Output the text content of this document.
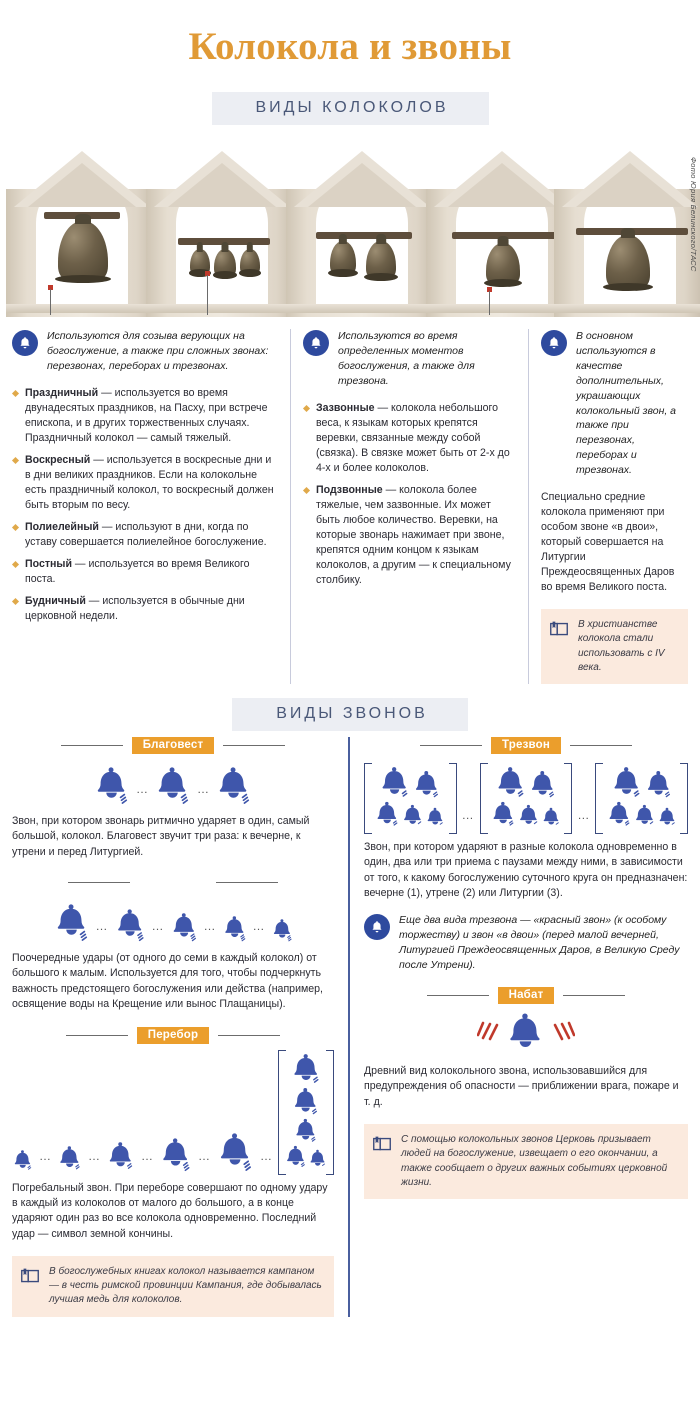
Колокола и звоны
ВИДЫ КОЛОКОЛОВ
Фото Юрия Белинского/ТАСС
Используются для созыва верующих на богослужение, а также при сложных звонах: перезвонах, переборах и трезвонах.
Праздничный — используется во время двунадесятых праздников, на Пасху, при встрече епископа, и в других торжественных случаях. Праздничный колокол — самый тяжелый.
Воскресный — используется в воскресные дни и в дни великих праздников. Если на колокольне есть праздничный колокол, то воскресный должен быть вторым по весу.
Полиелейный — используют в дни, когда по уставу совершается полиелейное богослужение.
Постный — используется во время Великого поста.
Будничный — используется в обычные дни церковной недели.
Используются во время определенных моментов богослужения, а также для трезвона.
Зазвонные — колокола небольшого веса, к языкам которых крепятся веревки, связанные между собой (связка). В связке может быть от 2-х до 4-х и более колоколов.
Подзвонные — колокола более тяжелые, чем зазвонные. Их может быть любое количество. Веревки, на которые звонарь нажимает при звоне, крепятся одним концом к языкам колоколов, а другим — к специальному столбику.
В основном используются в качестве дополнительных, украшающих колокольный звон, а также при перезвонах, переборах и трезвонах.
Специально средние колокола применяют при особом звоне «в двои», который совершается на Литургии Преждеосвященных Даров во время Великого поста.
В христианстве колокола стали использовать с IV века.
ВИДЫ ЗВОНОВ
Благовест
…	…
Звон, при котором звонарь ритмично ударяет в один, самый большой, колокол. Благовест звучит три раза: к вечерне, к утрени и перед Литургией.
…	…	…	…
Поочередные удары (от одного до семи в каждый колокол) от большого к малым. Используется для того, чтобы подчеркнуть важность предстоящего богослужения или действа (например, освящение воды на Крещение или вынос Плащаницы).
Перебор
…	…	…	…	…
Погребальный звон. При переборе совершают по одному удару в каждый из колоколов от малого до большого, а в конце ударяют один раз во все колокола одновременно. Последний удар — символ земной кончины.
В богослужебных книгах колокол называется кампаном — в честь римской провинции Кампания, где добывалась лучшая медь для колоколов.
Трезвон
…	…
Звон, при котором ударяют в разные колокола одновременно в один, два или три приема с паузами между ними, в зависимости от того, к какому богослужению суточного круга он предназначен: вечерне (1), утрене (2) или Литургии (3).
Еще два вида трезвона — «красный звон» (к особому торжеству) и звон «в двои» (перед малой вечерней, Литургией Преждеосвященных Даров, в Великую Среду после Утрени).
Набат
Древний вид колокольного звона, использовавшийся для предупреждения об опасности — приближении врага, пожаре и т. д.
С помощью колокольных звонов Церковь призывает людей на богослужение, извещает о его окончании, а также сообщает о других важных событиях церковной жизни.
